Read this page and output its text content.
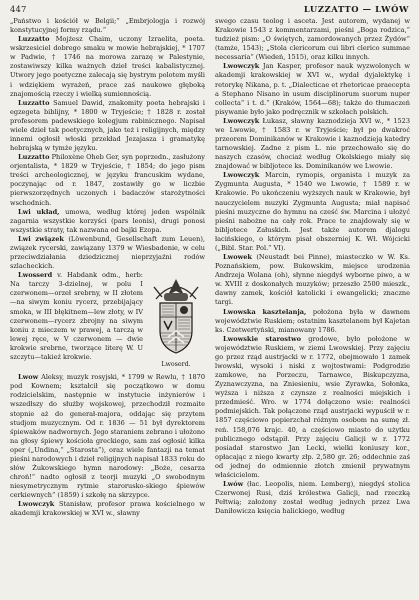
447	LUZZATTO — LWÓW

„Państwo i kościół w Belgii;“ „Embrjologja i rozwój konstytucyjnej formy rządu.“

Luzzatto Mojżesz Chaim, uczony Izraelita, poeta. wskrzesiciel dobrego smaku w mowie hebrajskiej, * 1707 w Padwie, † 1746 na morowa zarazę w Palestynie, zostawiwszy kilka ważnych dzieł treści kabalistycznej. Utwory jego poetyczne zalecają się bystrym polotem myśli i wdziękiem wyrażeń, prace zaś naukowe głęboką znajomością rzeczy i wielką sumiennością.

Luzzatto Samuel Dawid, znakomity poeta hebrajski i egzegeta biblijny, * 1800 w Tryjeście; † 1828 r. został profesorem padewskiego kolegjum rabinicznego. Napisał wiele dzieł tak poetycznych, jako też i religijnych, między innemi ogłosił włoski przekład Jezajasza i gramatykę hebrajską w tymże języku.

Luzzatto Philoxène Oheb Ger, syn poprzedn., zasłużony orjentalista, * 1829 w Tryjeście, † 1854; do jego pism treści archeologicznej, w języku francuskim wydane, poczynając od r. 1847, zostawiły go w liczbie pierwszorzędnych uczonych i badaczów starożytności wschodnich.

Lwi układ, umowa, według której jeden wspólnik zagarnia wszystkie korzyści (pars leonis), drugi ponosi wszystkie straty, tak nazwana od bajki Ezopa.

Lwi związek (Löwenbund, Gesellschaft zum Leuen), związek rycerski, zawiązany 1379 w Wiesbadenie, w celu przeciwdziałania dziedzicznej nieprzyjaźni rodów szlacheckich.

Lwoserd.

Lwosserd v. Habdank odm., herb: Na tarczy 3-dzielnej, w polu I czerwonem—orzeł srebrny, w II złotem—na siwym koniu rycerz, przebijający smoka, w III błękitnem—lew złoty, w IV czerwonem—rycerz zbrojny na siwym koniu z mieczem w prawej, a tarczą w lewej ręce, w V czerwonem — dwie krokwie srebrne, tworzące literę W. U szczytu—takież krokwie.

Lwow Aleksy, muzyk rosyjski, * 1799 w Rewlu, † 1870 pod Kownem; kształcił się początkowo w domu rodzicielskim, następnie w instytucie inżynierów i wszedłszy do służby wojskowej, przechodził rozmaite stopnie aż do generał-majora, oddając się przytem studjom muzycznym. Od r. 1836 — 51 był dyrektorem śpiewaków nadwornych. Jego staraniem zebrano i ułożono na głosy śpiewy kościoła greckiego, sam zaś ogłosić kilka oper („Undina,“ „Starosta“), oraz wiele fantazji na temat pieśni narodowych i dzieł religijnych napisał 1833 roku do słów Żukowskiego hymn narodowy: „Boże, cesarza chroń!“ nadto ogłosił z teorji muzyki „O swobodnym niesymetrycznym rytmie starorusko-skiego śpiewów cerkiewnych“ (1859) i szkołę na skrzypce.

Lwowczyk Stanisław, profesor prawa kościelnego w akademji krakowskiej w XVI w., sławny

swego czasu teolog i asceta. Jest autorem, wydanej w Krakowie 1543 z kommentarzami, pieśni „Boga rodzica,“ tudzież pism: „O świętych, zamordowanych przez Żydów“ (tamże, 1543); „Stola clericorum cui libri clerico summae necessaria“ (Wiedeń, 1515), oraz kilku innych.

Lwowczyk Jan Kasper, profesor nauk wyzwolonych w akademji krakowskiej w XVI w., wydał dyjalektykę i retorykę Nikana, p. t. „Dialecticae et rhetoricae praecepta a Stephano Nisano in usum disciplinorum suorum nuper collecta“ i t. d.“ (Kraków, 1564—68); także do tłumaczeń pisywanie było jako podręcznik w szkołach polskich.

Lwowczyk Łukasz, sławny kaznodzieja XVI w., * 1523 we Lwowie, † 1583 r. w Tryjeście; był po dwakroć przeorem Dominikanów w Krakowie i kaznodzieją katedry tarnowskiej. Zadne z pism L. nie przechowało się do naszych czasów, chociaż według Okolskiego miały się znajdować w bibljotece ks. Dominikanów we Lwowie.

Lwowczyk Marcin, rymopis, organista i muzyk za Zygmunta Augusta, * 1540 we Lwowie, † 1589 r. w Krakowie. Po ukończeniu wyższych nauk w Krakowie, był nauczycielem muzyki Zygmunta Augusta; miał napisać pieśni muzyczne do hymnu na cześć św. Marcina i ułożyć pieśni nabożne na cały rok. Prace te znajdowały się w bibljotece Załuskich. Jest także autorem djalogu łacińskiego, o którym pisał obszerniej K. Wł. Wójcicki („Bibl. Star. Pol.“ VI).

Lwowek (Neustadt bei Pinne), miasteczko w W. Ks. Poznańskiem, pow. Bukowskim, miejsce urodzenia Andrzeja Wolana (oh), słynne niegdyś wyborne piwo, a w w. XVIII z doskonałych muzyków; przeszło 2500 mieszk., dawny zamek, kościół katolicki i ewangelicki; znaczne targi.

Lwowska kasztelanja, położona była w dawnem województwie Ruskiem; ostatnim kasztelanem był Kajetan ks. Czetwertyński, mianowany 1786.

Lwowskie starostwo grodowe, było położone w województwie Ruskiem, w ziemi Lwowskiej. Przy zajęciu go przez rząd austrjacki w r. 1772, obejmowało 1 zamek lwowski, wysoki i niski z wojtostwami: Podgrodzie zamkowe, na Porzeczu, Tarnawce, Biskupczyzna, Zyznawczyzna, na Zniesieniu, wsie Zyrawka, Sołonka, wyższa i niższa z czynsze z realności miejskich i przedmieść. Wro. w 1774 dołączono wsie: realności podmiejskich. Tak połączone rząd austrjacki wypuścił w r. 1857 częściowo popierzchał różnym osobom na sumę zł. reń. 158,076 krajc. 40, a częściowo miasto do użytku publicznego odstąpił. Przy zajęciu Galicji w r. 1772 posiadał starostwo Jan Lecki, wielki koniuszy kor., opłacając z niego kwarty złp. 2,580 gr. 26; oddechnie zaś od jednej do odmiennie złotch zmienił prywatnym właścicielom.

Lwów (łac. Leopolis, niem. Lemberg), niegdyś stolica Czerwonej Rusi, dziś królestwa Galicji, nad rzeczką Pełtwią; założony został według jednych przez Lwa Daniłowicza księcia halickiego, według
